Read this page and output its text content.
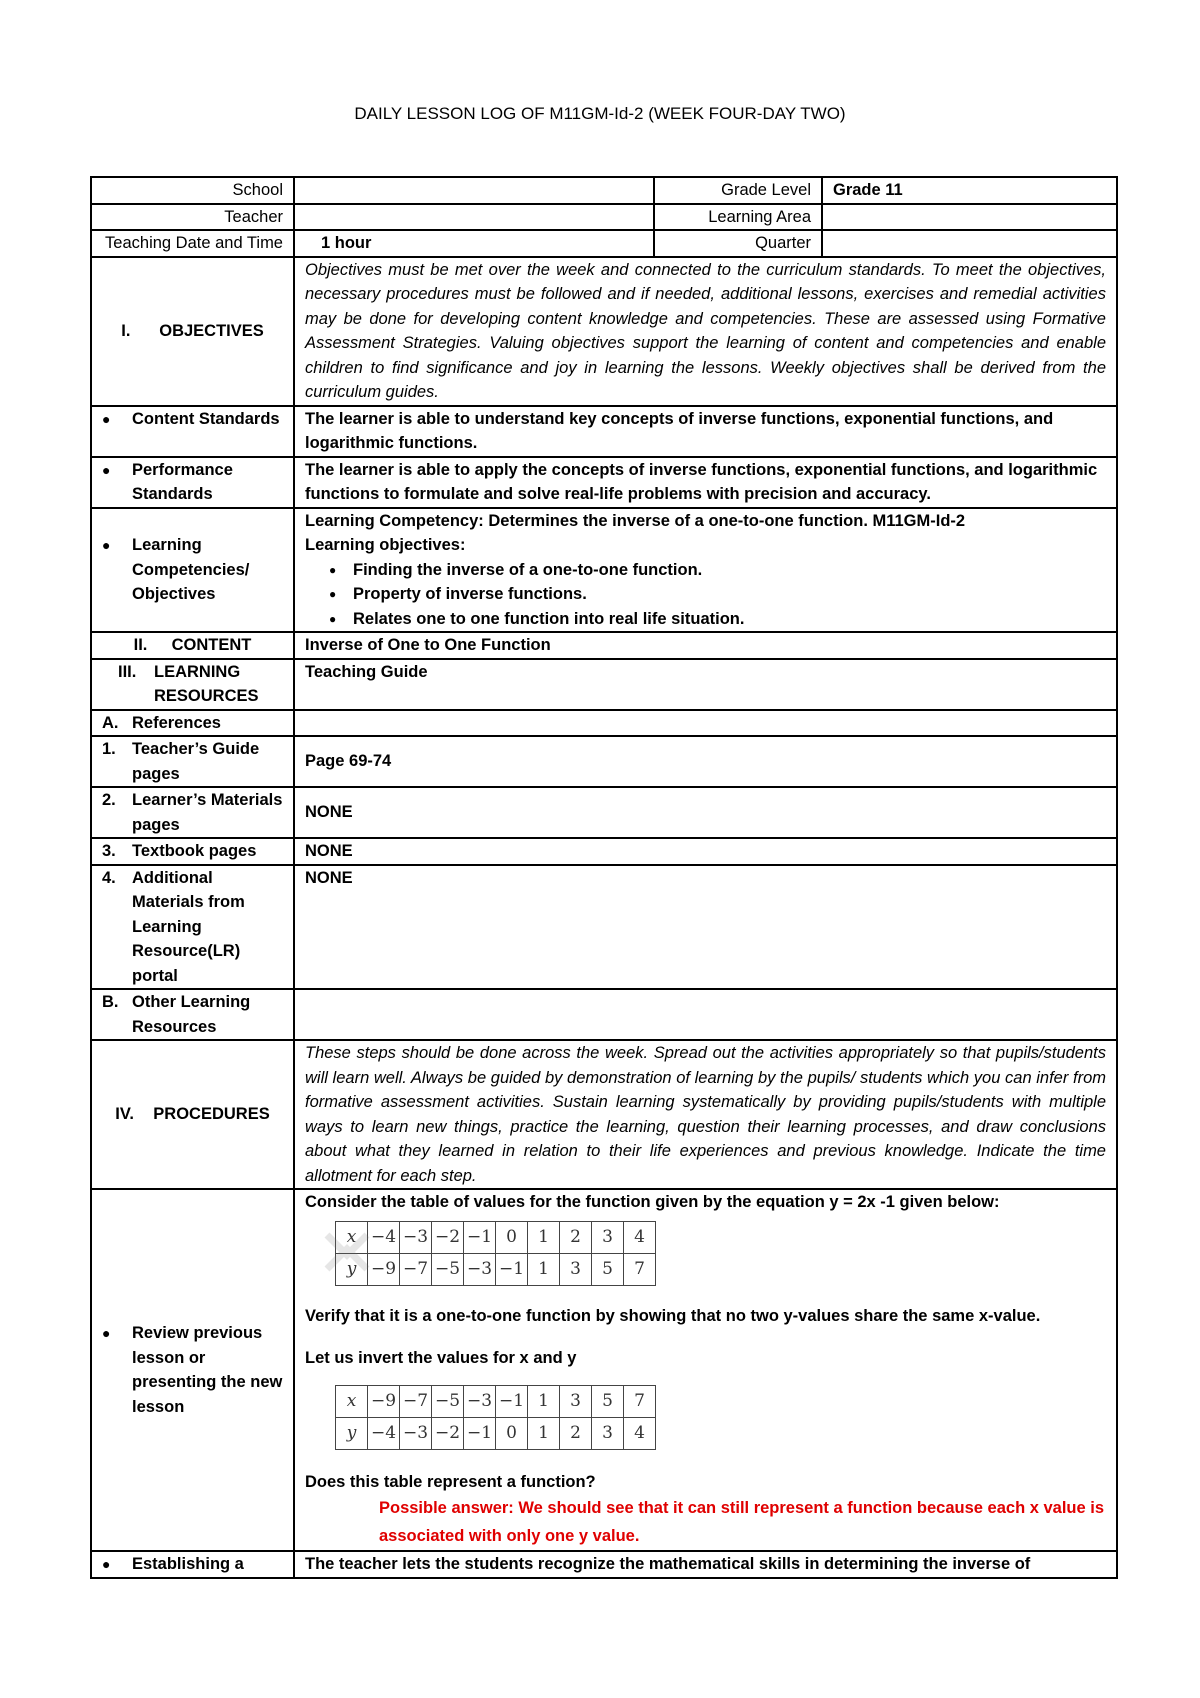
DAILY LESSON LOG OF M11GM-Id-2 (WEEK FOUR-DAY TWO)
School		Grade Level	Grade 11
Teacher		Learning Area	
Teaching Date and Time	1 hour	Quarter	

I.	OBJECTIVES
	Objectives must be met over the week and connected to the curriculum standards. To meet the objectives, necessary procedures must be followed and if needed, additional lessons, exercises and remedial activities may be done for developing content knowledge and competencies. These are assessed using Formative Assessment Strategies. Valuing objectives support the learning of content and competencies and enable children to find significance and joy in learning the lessons. Weekly objectives shall be derived from the curriculum guides.

●	Content Standards	The learner is able to understand key concepts of inverse functions, exponential functions, and logarithmic functions.

●	Performance Standards
	The learner is able to apply the concepts of inverse functions, exponential functions, and logarithmic functions to formulate and solve real-life problems with precision and accuracy.

●	Learning Competencies/ Objectives

Learning Competency: Determines the inverse of a one-to-one function. M11GM-Id-2
Learning objectives:
● Finding the inverse of a one-to-one function.
● Property of inverse functions.
● Relates one to one function into real life situation.

II.	CONTENT	Inverse of One to One Function

III.	LEARNING RESOURCES
	Teaching Guide

A. References

1. Teacher’s Guide pages
	Page 69-74

2. Learner’s Materials pages
	NONE

3. Textbook pages	NONE

4. Additional Materials from Learning Resource(LR) portal
	NONE

B. Other Learning Resources

IV.	PROCEDURES
	These steps should be done across the week. Spread out the activities appropriately so that pupils/students will learn well. Always be guided by demonstration of learning by the pupils/ students which you can infer from formative assessment activities. Sustain learning systematically by providing pupils/students with multiple ways to learn new things, practice the learning, question their learning processes, and draw conclusions about what they learned in relation to their life experiences and previous knowledge. Indicate the time allotment for each step.

●	Review previous lesson or presenting the new lesson

Consider the table of values for the function given by the equation y = 2x -1 given below:
x	−4	−3	−2	−1	0	1	2	3	4
y	−9	−7	−5	−3	−1	1	3	5	7
Verify that it is a one-to-one function by showing that no two y-values share the same x-value.
Let us invert the values for x and y
x	−9	−7	−5	−3	−1	1	3	5	7
y	−4	−3	−2	−1	0	1	2	3	4
Does this table represent a function?
Possible answer: We should see that it can still represent a function because each x value is associated with only one y value.

●	Establishing a	The teacher lets the students recognize the mathematical skills in determining the inverse of
